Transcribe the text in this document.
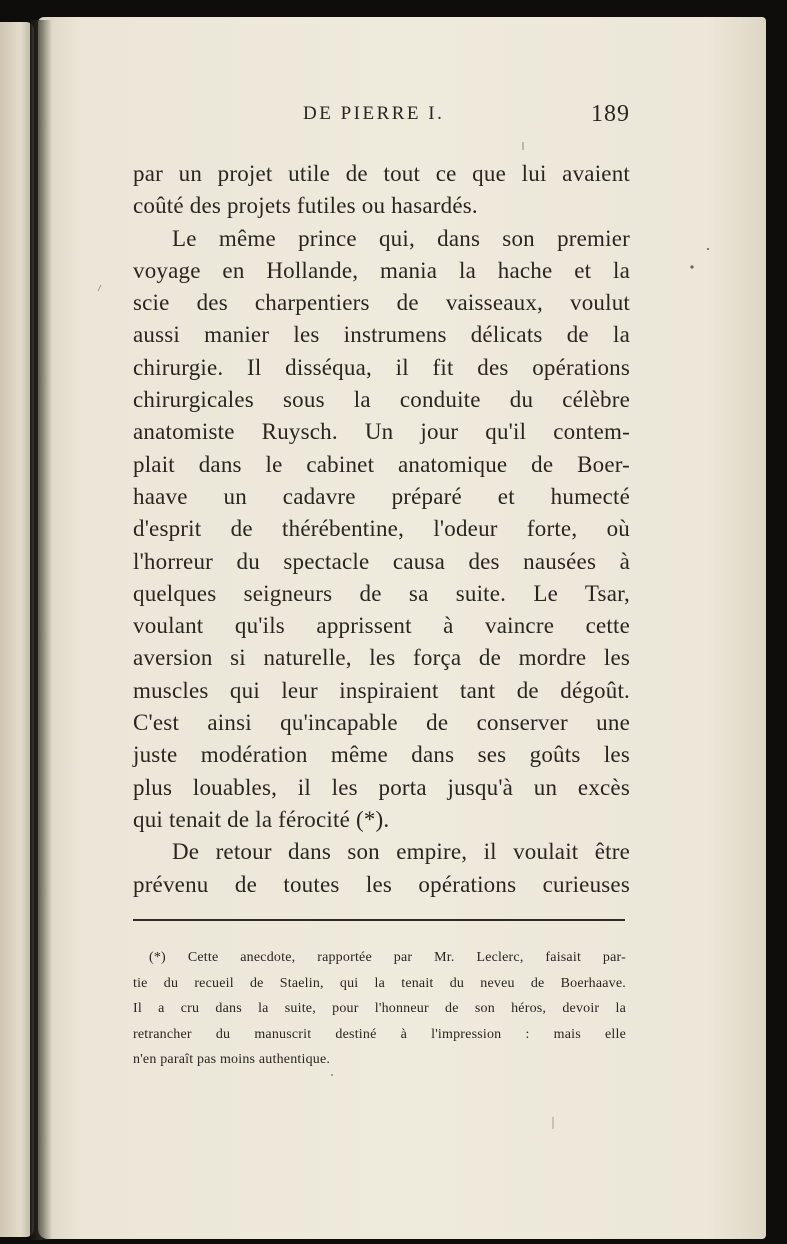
DE PIERRE I.	189
par un projet utile de tout ce que lui avaient
coûté des projets futiles ou hasardés.
Le même prince qui, dans son premier
voyage en Hollande, mania la hache et la
scie des charpentiers de vaisseaux, voulut
aussi manier les instrumens délicats de la
chirurgie. Il disséqua, il fit des opérations
chirurgicales sous la conduite du célèbre
anatomiste Ruysch. Un jour qu'il contem-
plait dans le cabinet anatomique de Boer-
haave un cadavre préparé et humecté
d'esprit de thérébentine, l'odeur forte, où
l'horreur du spectacle causa des nausées à
quelques seigneurs de sa suite. Le Tsar,
voulant qu'ils apprissent à vaincre cette
aversion si naturelle, les força de mordre les
muscles qui leur inspiraient tant de dégoût.
C'est ainsi qu'incapable de conserver une
juste modération même dans ses goûts les
plus louables, il les porta jusqu'à un excès
qui tenait de la férocité (*).
De retour dans son empire, il voulait être
prévenu de toutes les opérations curieuses
(*) Cette anecdote, rapportée par Mr. Leclerc, faisait par-
tie du recueil de Staelin, qui la tenait du neveu de Boerhaave.
Il a cru dans la suite, pour l'honneur de son héros, devoir la
retrancher du manuscrit destiné à l'impression : mais elle
n'en paraît pas moins authentique.
